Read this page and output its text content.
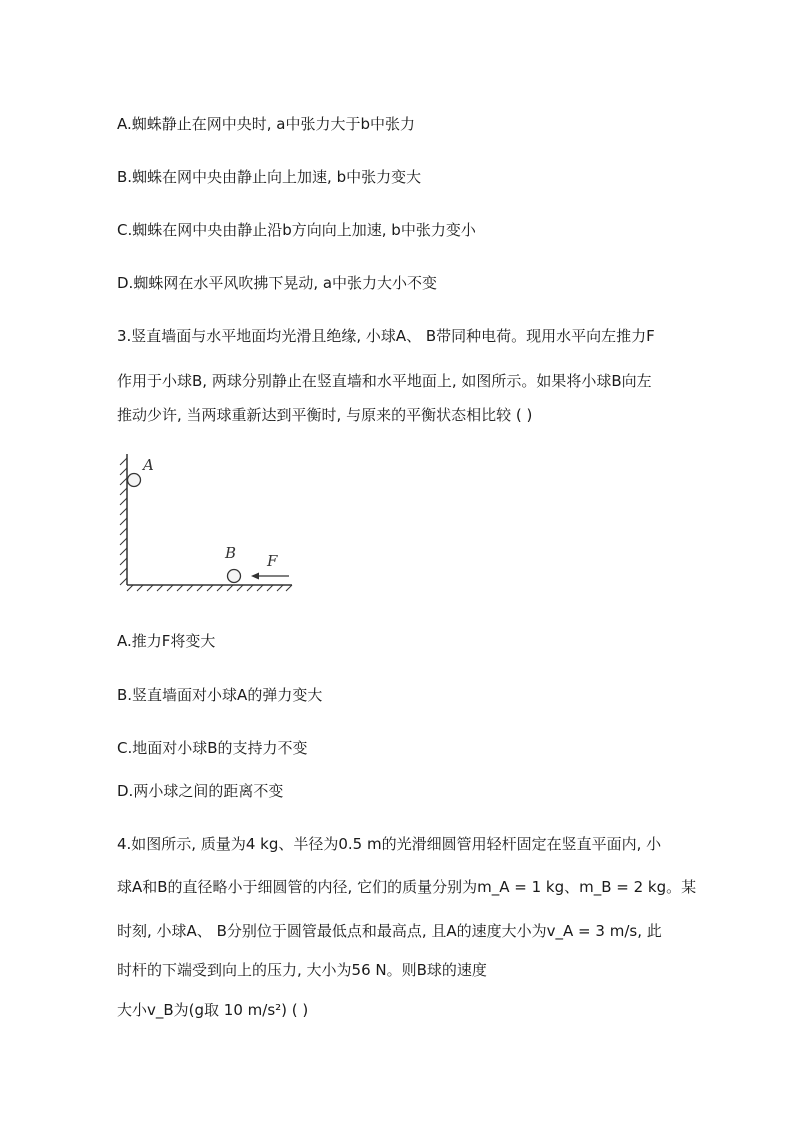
A.蜘蛛静止在网中央时, a中张力大于b中张力
B.蜘蛛在网中央由静止向上加速, b中张力变大
C.蜘蛛在网中央由静止沿b方向向上加速, b中张力变小
D.蜘蛛网在水平风吹拂下晃动, a中张力大小不变
3.竖直墙面与水平地面均光滑且绝缘, 小球A、 B带同种电荷。现用水平向左推力F
作用于小球B, 两球分别静止在竖直墙和水平地面上, 如图所示。如果将小球B向左
推动少许, 当两球重新达到平衡时, 与原来的平衡状态相比较 ( )
A
B F
A.推力F将变大
B.竖直墙面对小球A的弹力变大
C.地面对小球B的支持力不变
D.两小球之间的距离不变
4.如图所示, 质量为4 kg、半径为0.5 m的光滑细圆管用轻杆固定在竖直平面内, 小
球A和B的直径略小于细圆管的内径, 它们的质量分别为m_A = 1 kg、m_B = 2 kg。某
时刻, 小球A、 B分别位于圆管最低点和最高点, 且A的速度大小为v_A = 3 m/s, 此
时杆的下端受到向上的压力, 大小为56 N。则B球的速度
大小v_B为(g取 10 m/s²) ( )
